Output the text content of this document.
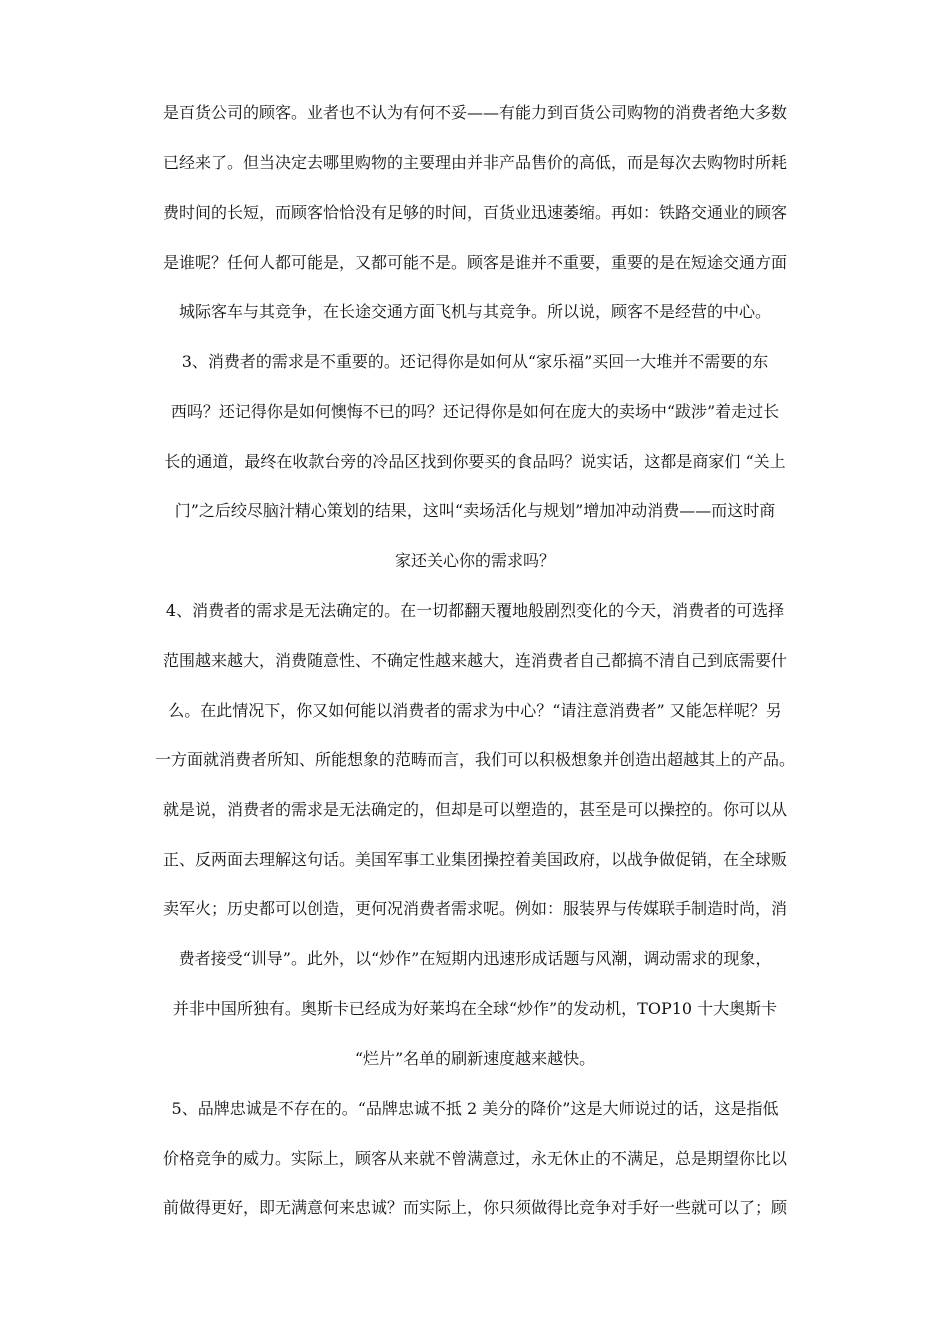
是百货公司的顾客。业者也不认为有何不妥——有能力到百货公司购物的消费者绝大多数
已经来了。但当决定去哪里购物的主要理由并非产品售价的高低，而是每次去购物时所耗
费时间的长短，而顾客恰恰没有足够的时间，百货业迅速萎缩。再如：铁路交通业的顾客
是谁呢？任何人都可能是，又都可能不是。顾客是谁并不重要，重要的是在短途交通方面
城际客车与其竞争，在长途交通方面飞机与其竞争。所以说，顾客不是经营的中心。
3、消费者的需求是不重要的。还记得你是如何从“家乐福”买回一大堆并不需要的东
西吗？还记得你是如何懊悔不已的吗？还记得你是如何在庞大的卖场中“跋涉”着走过长
长的通道，最终在收款台旁的冷品区找到你要买的食品吗？说实话，这都是商家们 “关上
门”之后绞尽脑汁精心策划的结果，这叫“卖场活化与规划”增加冲动消费——而这时商
家还关心你的需求吗？
4、消费者的需求是无法确定的。在一切都翻天覆地般剧烈变化的今天，消费者的可选择
范围越来越大，消费随意性、不确定性越来越大，连消费者自己都搞不清自己到底需要什
么。在此情况下，你又如何能以消费者的需求为中心？“请注意消费者” 又能怎样呢？另
一方面就消费者所知、所能想象的范畴而言，我们可以积极想象并创造出超越其上的产品。
就是说，消费者的需求是无法确定的，但却是可以塑造的，甚至是可以操控的。你可以从
正、反两面去理解这句话。美国军事工业集团操控着美国政府，以战争做促销，在全球贩
卖军火；历史都可以创造，更何况消费者需求呢。例如：服装界与传媒联手制造时尚，消
费者接受“训导”。此外，以“炒作”在短期内迅速形成话题与风潮，调动需求的现象，
并非中国所独有。奥斯卡已经成为好莱坞在全球“炒作”的发动机，TOP10 十大奥斯卡
“烂片”名单的刷新速度越来越快。
5、品牌忠诚是不存在的。“品牌忠诚不抵 2 美分的降价”这是大师说过的话，这是指低
价格竞争的威力。实际上，顾客从来就不曾满意过，永无休止的不满足，总是期望你比以
前做得更好，即无满意何来忠诚？而实际上，你只须做得比竞争对手好一些就可以了；顾
